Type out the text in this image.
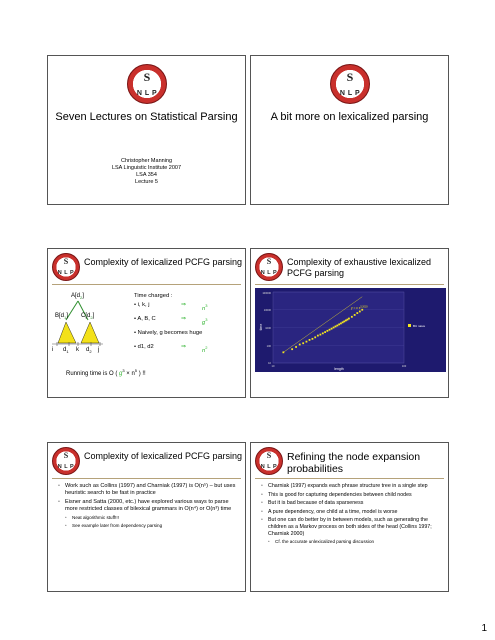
S
N L P
Seven Lectures on Statistical Parsing
Christopher Manning
LSA Linguistic Institute 2007
LSA 354
Lecture 5
S
N L P
A bit more on lexicalized parsing
S
N L P
Complexity of lexicalized PCFG parsing
$A[d_2]$
$B[d_1]$ $C[d_2]$
i $d_1$ k $d_2$ j
Time charged :
• i, k, j	⇒
$n^3$
• A, B, C	⇒
$g^3$
• Naively, g becomes huge
• d1, d2	⇒
$n^2$
Running time is O ( $g^3 \times n^5$ ) !!
S
N L P
Complexity of exhaustive lexicalized PCFG parsing
time
length
100000
10000
1000
100
10
10	100
BU naive
y = c $x^{5.2019}$
S
N L P
Complexity of lexicalized PCFG parsing
• Work such as Collins (1997) and Charniak (1997) is O(n⁵) – but uses heuristic search to be fast in practice
• Eisner and Satta (2000, etc.) have explored various ways to parse more restricted classes of bilexical grammars in O(n⁴) or O(n³) time
• Neat algorithmic stuff!!!
• See example later from dependency parsing
S
N L P
Refining the node expansion probabilities
• Charniak (1997) expands each phrase structure tree in a single step
• This is good for capturing dependencies between child nodes
• But it is bad because of data sparseness
• A pure dependency, one child at a time, model is worse
• But one can do better by in between models, such as generating the children as a Markov process on both sides of the head (Collins 1997; Charniak 2000)
• Cf. the accurate unlexicalized parsing discussion
1
